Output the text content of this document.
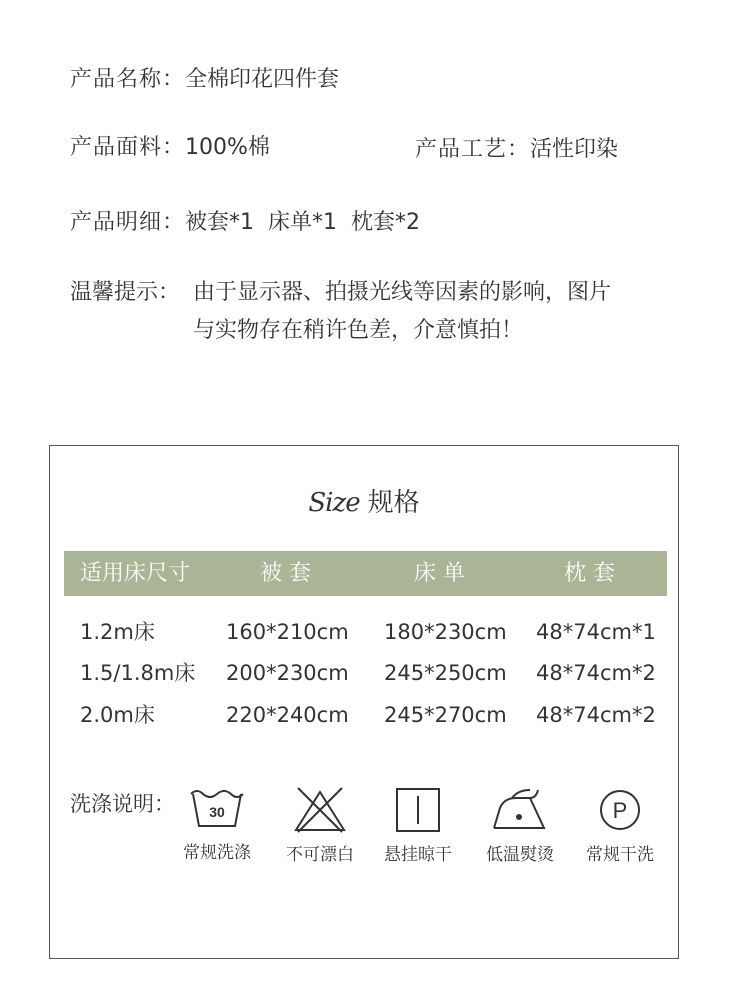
产品名称：全棉印花四件套
产品面料：100%棉	产品工艺：活性印染
产品明细：被套*1  床单*1  枕套*2
温馨提示： 由于显示器、拍摄光线等因素的影响，图片
与实物存在稍许色差，介意慎拍！
Size 规格
适用床尺寸	被 套	床 单	枕 套
1.2m床	160*210cm 180*230cm 48*74cm*1
1.5/1.8m床 200*230cm 245*250cm 48*74cm*2
2.0m床	220*240cm 245*270cm 48*74cm*2
洗涤说明： 30
常规洗涤	不可漂白	悬挂晾干	低温熨烫
P
常规干洗
